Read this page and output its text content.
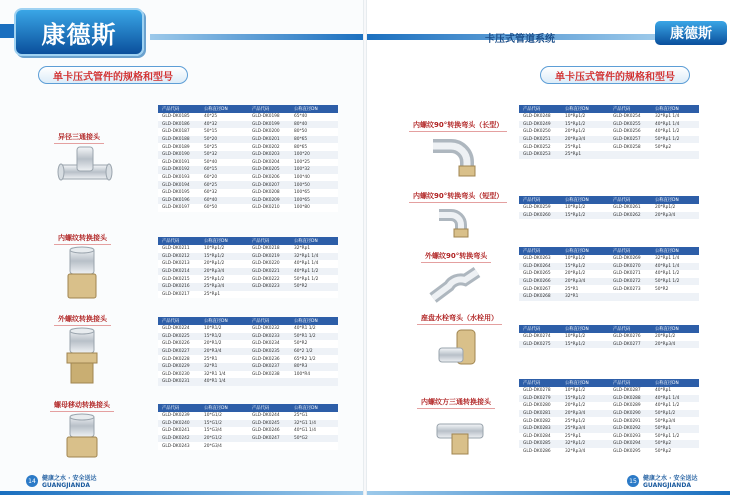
康德斯
单卡压式管件的规格和型号
异径三通接头
内螺纹转换接头
外螺纹转换接头
螺母移动转换接头
产品代码	公称直径DN	产品代码	公称直径DN
GLD-DK0185	40*25	GLD-DK0198	65*40
GLD-DK0186	40*32	GLD-DK0199	80*40
GLD-DK0187	50*15	GLD-DK0200	80*50
GLD-DK0188	50*20	GLD-DK0201	80*65
GLD-DK0189	50*25	GLD-DK0202	80*65
GLD-DK0190	50*32	GLD-DK0203	100*20
GLD-DK0191	50*40	GLD-DK0204	100*25
GLD-DK0192	60*15	GLD-DK0205	100*32
GLD-DK0193	60*20	GLD-DK0206	100*40
GLD-DK0194	60*25	GLD-DK0207	100*50
GLD-DK0195	60*32	GLD-DK0208	100*65
GLD-DK0196	60*40	GLD-DK0209	100*65
GLD-DK0197	60*50	GLD-DK0210	100*80
产品代码	公称直径DN	产品代码	公称直径DN
GLD-DK0211	10*Rp1/2	GLD-DK0218	32*Rp1
GLD-DK0212	15*Rp1/2	GLD-DK0219	32*Rp1 1/4
GLD-DK0213	20*Rp1/2	GLD-DK0220	40*Rp1 1/4
GLD-DK0214	20*Rp3/4	GLD-DK0221	40*Rp1 1/2
GLD-DK0215	25*Rp1/2	GLD-DK0222	50*Rp1 1/2
GLD-DK0216	25*Rp3/4	GLD-DK0223	50*R2
GLD-DK0217	25*Rp1		
产品代码	公称直径DN	产品代码	公称直径DN
GLD-DK0224	10*R1/2	GLD-DK0232	40*R1 1/2
GLD-DK0225	15*R1/2	GLD-DK0233	50*R1 1/2
GLD-DK0226	20*R1/2	GLD-DK0234	50*R2
GLD-DK0227	20*R3/4	GLD-DK0235	60*2 1/2
GLD-DK0228	25*R1	GLD-DK0236	65*R2 1/2
GLD-DK0229	32*R1	GLD-DK0237	80*R3
GLD-DK0230	32*R1 1/4	GLD-DK0238	100*R4
GLD-DK0231	40*R1 1/4		
产品代码	公称直径DN	产品代码	公称直径DN
GLD-DK0239	10*G1/2	GLD-DK0244	25*G1
GLD-DK0240	15*G1/2	GLD-DK0245	32*G1 1/4
GLD-DK0241	15*G3/4	GLD-DK0246	40*G1 1/4
GLD-DK0242	20*G1/2	GLD-DK0247	50*G2
GLD-DK0243	20*G3/4		
14	健康之水 · 安全送达
GUANGJIANDA
卡压式管道系统	康德斯
单卡压式管件的规格和型号
内螺纹90°转换弯头（长型）
内螺纹90°转换弯头（短型）
外螺纹90°转换弯头
座盘水栓弯头（水栓用）
内螺纹方三通转换接头
产品代码	公称直径DN	产品代码	公称直径DN
GLD-DK0248	10*Rp1/2	GLD-DK0254	32*Rp1 1/4
GLD-DK0249	15*Rp1/2	GLD-DK0255	40*Rp1 1/4
GLD-DK0250	20*Rp1/2	GLD-DK0256	40*Rp1 1/2
GLD-DK0251	20*Rp3/4	GLD-DK0257	50*Rp1 1/2
GLD-DK0252	25*Rp1	GLD-DK0258	50*Rp2
GLD-DK0253	25*Rp1		
产品代码	公称直径DN	产品代码	公称直径DN
GLD-DK0259	10*Rp1/2	GLD-DK0261	20*Rp1/2
GLD-DK0260	15*Rp1/2	GLD-DK0262	20*Rp3/4
产品代码	公称直径DN	产品代码	公称直径DN
GLD-DK0263	10*Rp1/2	GLD-DK0269	32*Rp1 1/4
GLD-DK0264	15*Rp1/2	GLD-DK0270	40*Rp1 1/4
GLD-DK0265	20*Rp1/2	GLD-DK0271	40*Rp1 1/2
GLD-DK0266	20*Rp3/4	GLD-DK0272	50*Rp1 1/2
GLD-DK0267	25*R1	GLD-DK0273	50*R2
GLD-DK0268	32*R1		
产品代码	公称直径DN	产品代码	公称直径DN
GLD-DK0274	10*Rp1/2	GLD-DK0276	20*Rp1/2
GLD-DK0275	15*Rp1/2	GLD-DK0277	20*Rp3/4
产品代码	公称直径DN	产品代码	公称直径DN
GLD-DK0278	10*Rp1/2	GLD-DK0287	40*Rp1
GLD-DK0279	15*Rp1/2	GLD-DK0288	40*Rp1 1/4
GLD-DK0280	20*Rp1/2	GLD-DK0289	40*Rp1 1/2
GLD-DK0281	20*Rp3/4	GLD-DK0290	50*Rp1/2
GLD-DK0282	25*Rp1/2	GLD-DK0291	50*Rp3/4
GLD-DK0283	25*Rp3/4	GLD-DK0292	50*Rp1
GLD-DK0284	25*Rp1	GLD-DK0293	50*Rp1 1/2
GLD-DK0285	32*Rp1/2	GLD-DK0294	50*Rp2
GLD-DK0286	32*Rp3/4	GLD-DK0295	50*Rp2
健康之水 · 安全送达
GUANGJIANDA
15
